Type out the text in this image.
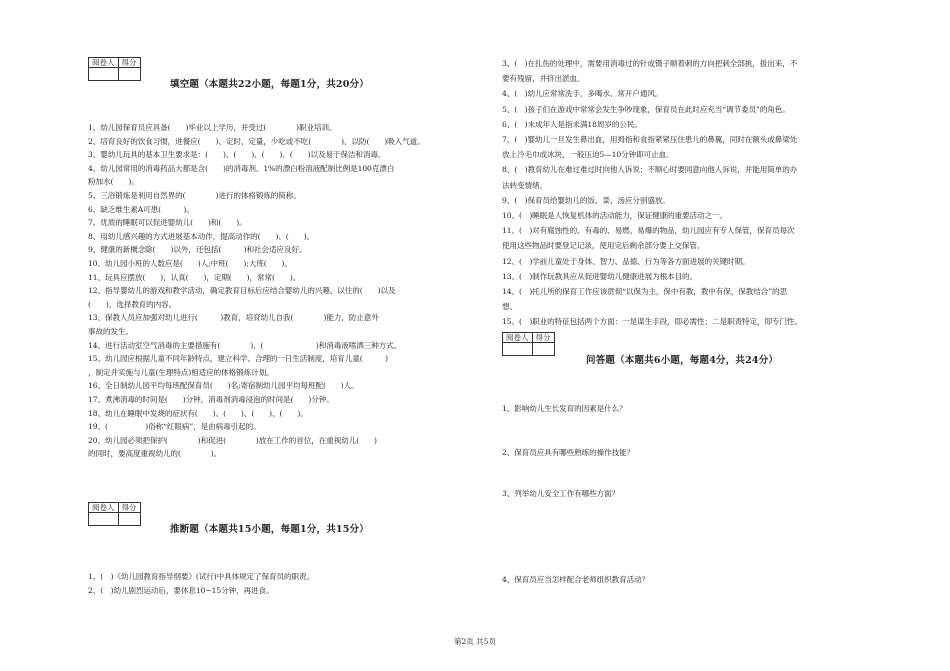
阅卷人	得分

填空题（本题共22小题，每题1分，共20分）
1、幼儿园保育员应具备(　　)毕业以上学历，并受过(　　　　)职业培训。
2、培育良好的饮食习惯，进餐应(　　)、定时、定量，少吃或不吃(　　　　)，以防(　　)吸入气道。
3、婴幼儿玩具的基本卫生要求是：(　　)、(　　)、(　　)、(　　)以及易于保洁和消毒。
4、幼儿园常用的消毒药品大都是含(　　)的消毒剂。1%的漂白粉溶液配制比例是100克漂白
粉加水(　　)。
5、三浴锻炼是利用自然界的(　　　　)进行的体格锻炼的简称。
6、缺乏维生素A可患(　　　)。
7、优质的睡眠可以促进婴幼儿(　　)和(　　)。
8、用幼儿感兴趣的方式进展基本动作，提高动作的(　　)、(　　)。
9、健康的新概念除(　　)以外，还包括(　　　)和社会适应良好。
10、幼儿园小班的人数应是(　　)人;中班(　　);大班(　　)。
11、玩具应摆放(　　)，认真(　　)，定期(　　)，常常(　　)。
12、指导婴幼儿的游戏和教学活动，确定教育目标后应结合婴幼儿的兴趣、以往的(　　)以及
(　　)，选择教育的内容。
13、保教人员应加强对幼儿进行(　　　)教育，培育幼儿自我(　　　　)能力，防止意外
事故的发生。
14、进行活动室空气消毒的主要措施有(　　　　)、(　　　　　　　)和消毒液喷洒三种方式。
15、幼儿园应根据儿童不同年龄特点，建立科学、合理的一日生活制度，培育儿童(　　　)
，制定并实施与儿童(生理特点)相适应的体格锻炼计划。
16、全日制幼儿园平均每班配保育员(　　)名;寄宿制幼儿园平均每班配(　　)人。
17、煮沸消毒的时间是(　　)分钟，消毒剂消毒浸泡的时间是(　　)分钟。
18、幼儿在睡眠中发烧的症状有(　　)、(　　)、(　　)、(　　)。
19、(　　　　　)俗称“红眼病”，是由病毒引起的。
20、幼儿园必须把保护(　　　　)和促进(　　　　)放在工作的首位，在重视幼儿(　　)
的同时，要高度重视幼儿的(　　　　)。
阅卷人	得分

推断题（本题共15小题，每题1分，共15分）
1、(　)《幼儿园教育指导纲要》(试行)中具体规定了保育员的职责。
2、(　)幼儿剧烈运动后，要休息10~15分钟，再进食。
3、(　)在扎伤的处理中，需要用消毒过的针或镊子顺着刺的方向把刺全部挑，拔出来，不
要有残留，并挤出淤血。
4、(　)幼儿应常常洗手，多喝水、常开户通风。
5、(　)孩子们在游戏中常常会发生争吵现象，保育员在此时应充当“调节委员”的角色。
6、(　)未成年人是指未满18周岁的公民。
7、(　)婴幼儿一旦发生鼻出血，用拇指和食指紧紧压住患儿的鼻翼，同时在额头或鼻梁处
放上冷毛巾或冰块，一般压迫5—10分钟即可止血。
8、(　)教育幼儿在难过难过时向他人诉说；不顺心时要同意向他人诉说，并能用简单的办
法转变情绪。
9、(　)保育员给婴幼儿的饭、菜、汤应分别盛放。
10、(　)睡眠是人恢复机体的活动能力，保证健康的重要活动之一。
11、(　)对有腐蚀性的、有毒的、易燃、易爆的物品，幼儿园应有专人保管，保育员每次
使用这些物品时要登记记录，使用完后剩余部分要上交保管。
12、(　)学前儿童处于身体、智力、品德、行为等各方面进展的关键时期。
13、(　)制作玩教具应从促进婴幼儿健康进展为根本目的。
14、(　)托儿所的保育工作应该贯彻“以保为主，保中有教，教中有保，保教结合”的思
想。
15、(　)职业的特征包括两个方面：一是谋生手段，即必需性；二是职责特定，即专门性。
阅卷人	得分

问答题（本题共6小题，每题4分，共24分）
1、影响幼儿生长发育的因素是什么？
2、保育员应具有哪些熟练的操作技能？
3、列举幼儿安全工作有哪些方面？
4、保育员应当怎样配合老师组织教育活动？
第2页 共5页
